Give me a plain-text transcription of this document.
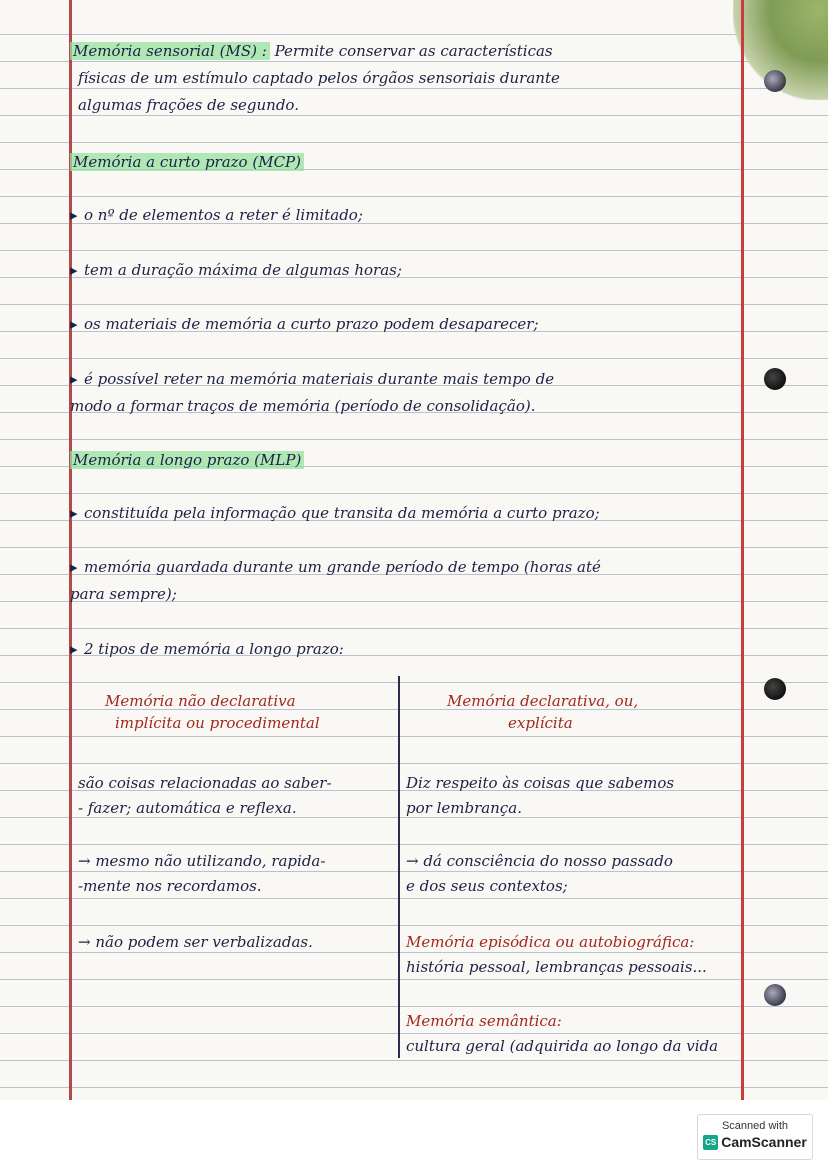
Memória sensorial (MS) : Permite conservar as características

físicas de um estímulo captado pelos órgãos sensoriais durante

algumas frações de segundo.

Memória a curto prazo (MCP)

▸ o nº de elementos a reter é limitado;

▸ tem a duração máxima de algumas horas;

▸ os materiais de memória a curto prazo podem desaparecer;

▸ é possível reter na memória materiais durante mais tempo de

modo a formar traços de memória (período de consolidação).

Memória a longo prazo (MLP)

▸ constituída pela informação que transita da memória a curto prazo;

▸ memória guardada durante um grande período de tempo (horas até

para sempre);

▸ 2 tipos de memória a longo prazo:

Memória não declarativa

implícita ou procedimental

Memória declarativa, ou,

explícita

são coisas relacionadas ao saber-

- fazer; automática e reflexa.

→ mesmo não utilizando, rapida-

-mente nos recordamos.

→ não podem ser verbalizadas.

Diz respeito às coisas que sabemos

por lembrança.

→ dá consciência do nosso passado

e dos seus contextos;

Memória episódica ou autobiográfica:

história pessoal, lembranças pessoais...

Memória semântica:

cultura geral (adquirida ao longo da vida

Scanned with
CS CamScanner
